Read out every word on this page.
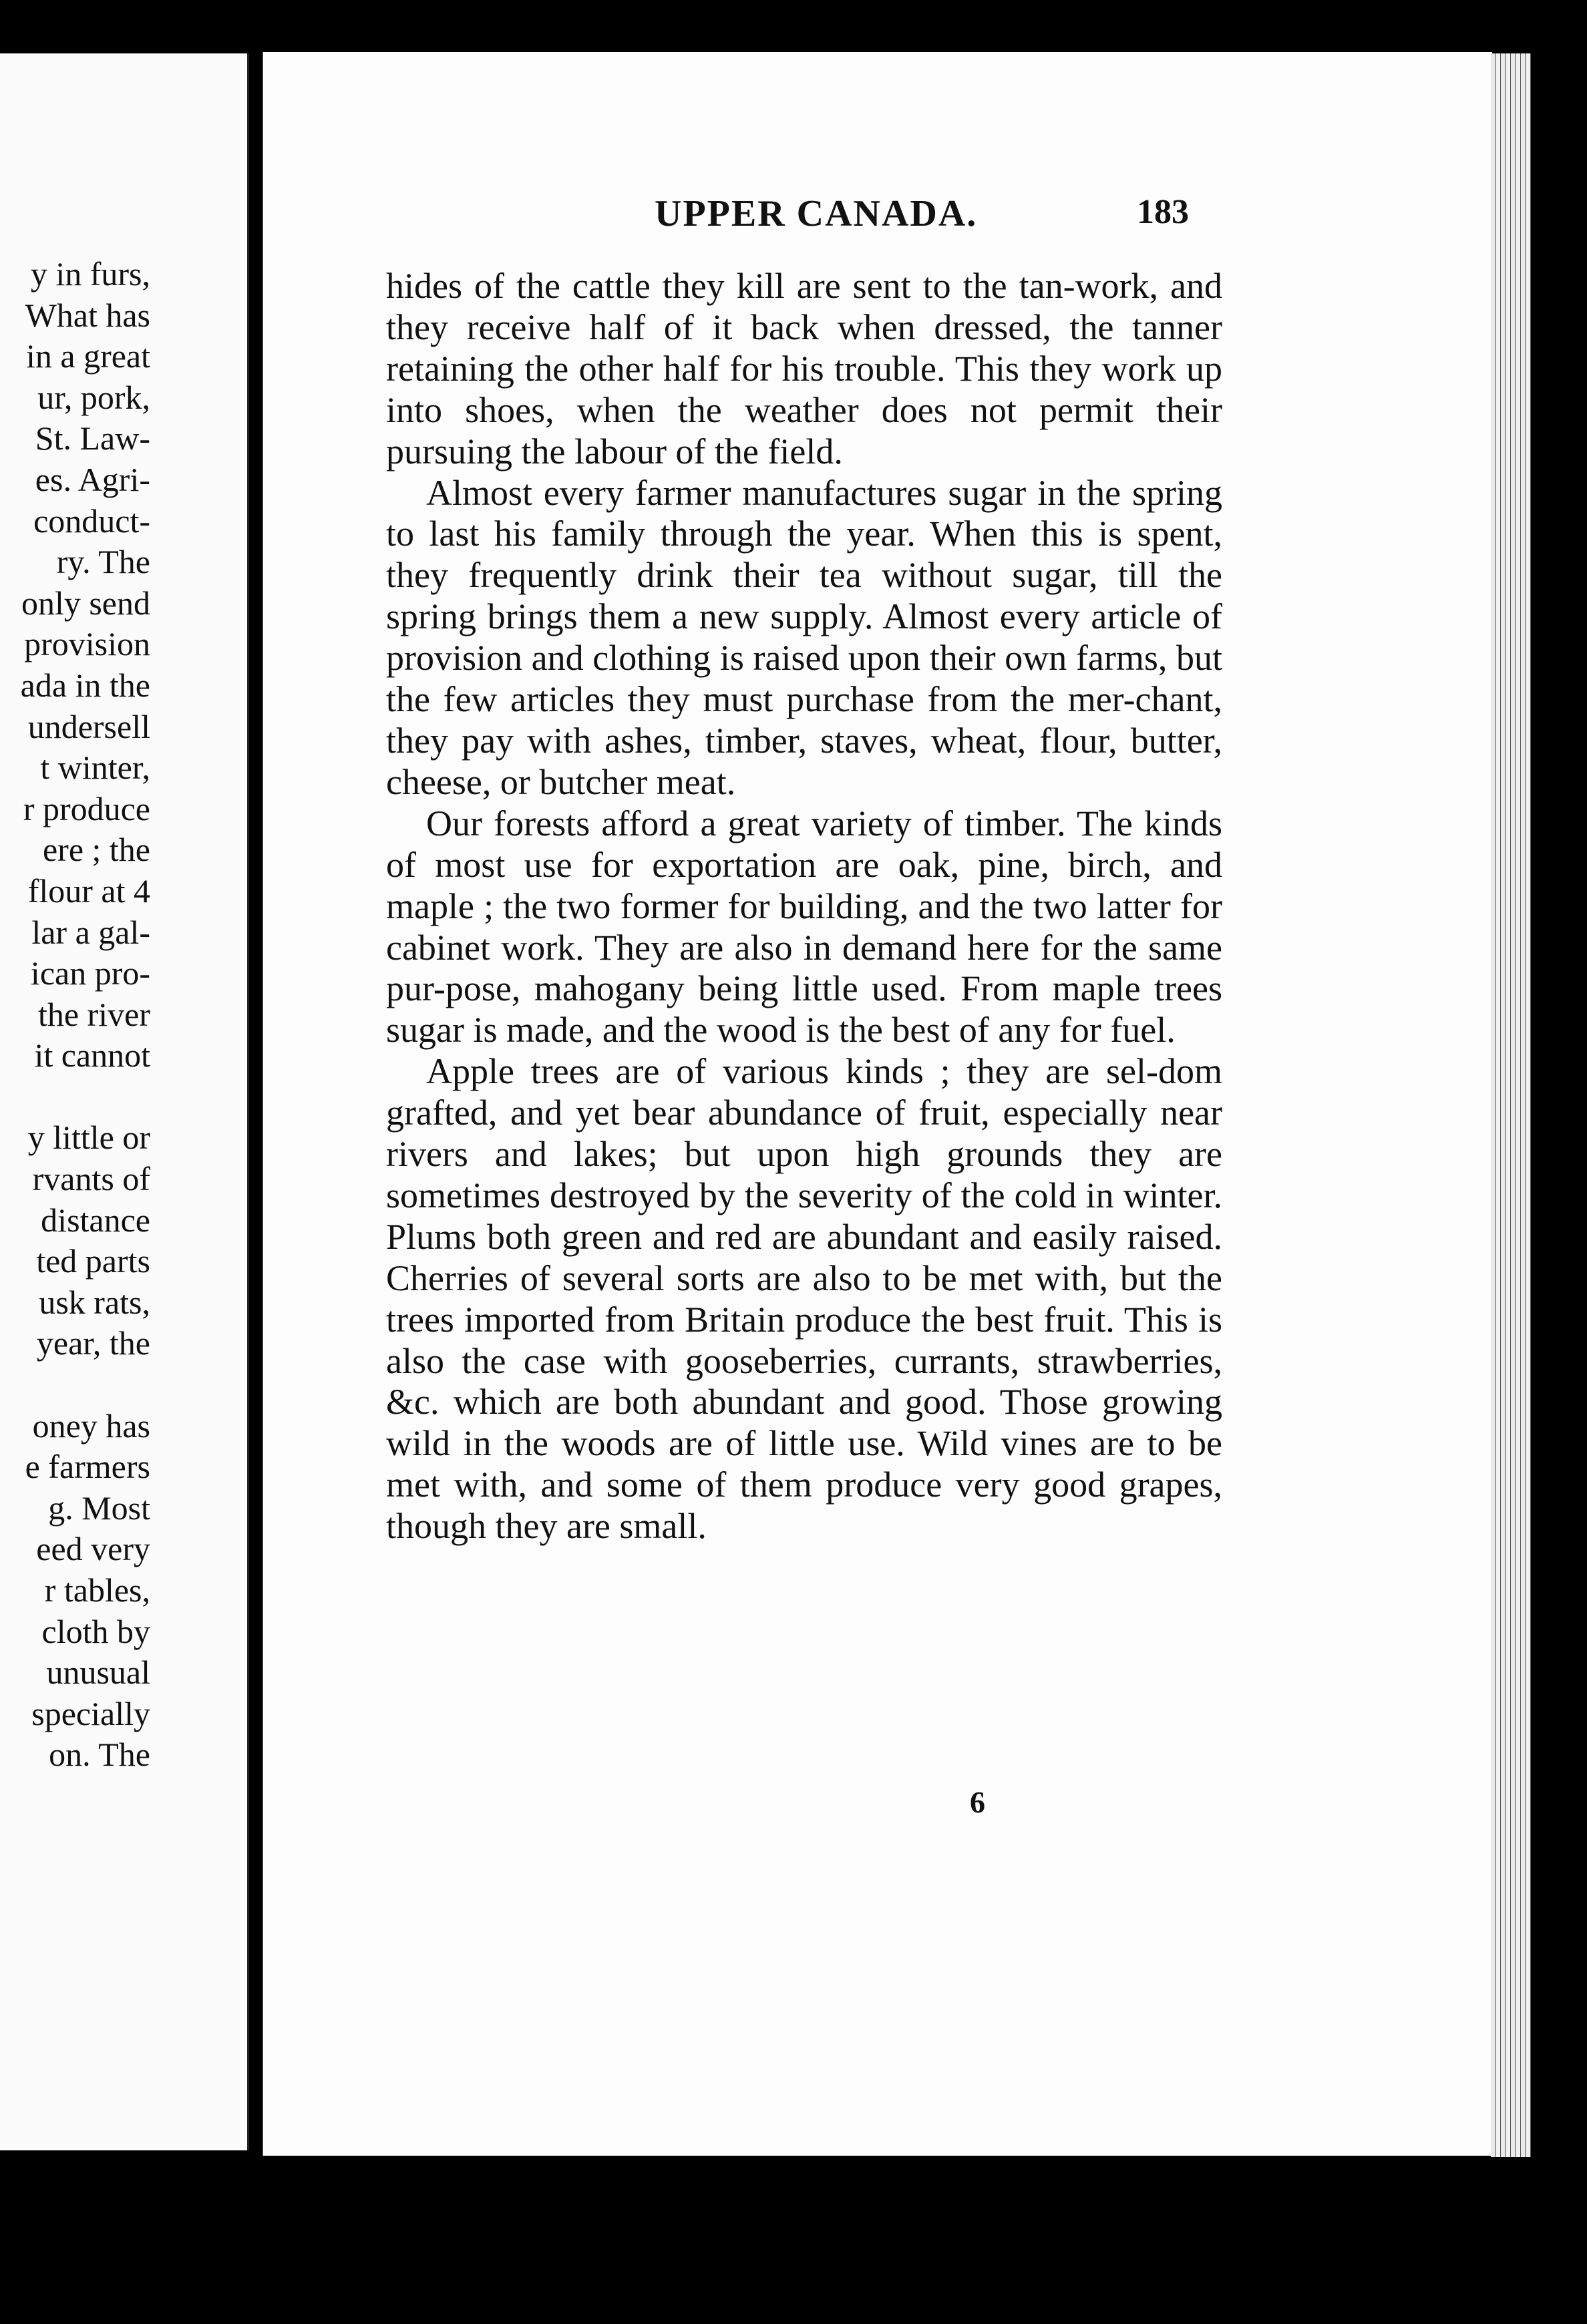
y in furs,
What has
in a great
ur, pork,
St. Law-
es. Agri-
conduct-
ry. The
only send
provision
ada in the
undersell
t winter,
r produce
ere ; the
flour at 4
lar a gal-
ican pro-
the river
it cannot
y little or
rvants of
distance
ted parts
usk rats,
year, the
oney has
e farmers
g. Most
eed very
r tables,
cloth by
unusual
specially
on. The
UPPER CANADA.	183

hides of the cattle they kill are sent to the tan-work, and they receive half of it back when dressed, the tanner retaining the other half for his trouble. This they work up into shoes, when the weather does not permit their pursuing the labour of the field.

Almost every farmer manufactures sugar in the spring to last his family through the year. When this is spent, they frequently drink their tea without sugar, till the spring brings them a new supply. Almost every article of provision and clothing is raised upon their own farms, but the few articles they must purchase from the mer-chant, they pay with ashes, timber, staves, wheat, flour, butter, cheese, or butcher meat.

Our forests afford a great variety of timber. The kinds of most use for exportation are oak, pine, birch, and maple ; the two former for building, and the two latter for cabinet work. They are also in demand here for the same pur-pose, mahogany being little used. From maple trees sugar is made, and the wood is the best of any for fuel.

Apple trees are of various kinds ; they are sel-dom grafted, and yet bear abundance of fruit, especially near rivers and lakes; but upon high grounds they are sometimes destroyed by the severity of the cold in winter. Plums both green and red are abundant and easily raised. Cherries of several sorts are also to be met with, but the trees imported from Britain produce the best fruit. This is also the case with gooseberries, currants, strawberries, &c. which are both abundant and good. Those growing wild in the woods are of little use. Wild vines are to be met with, and some of them produce very good grapes, though they are small.

6
